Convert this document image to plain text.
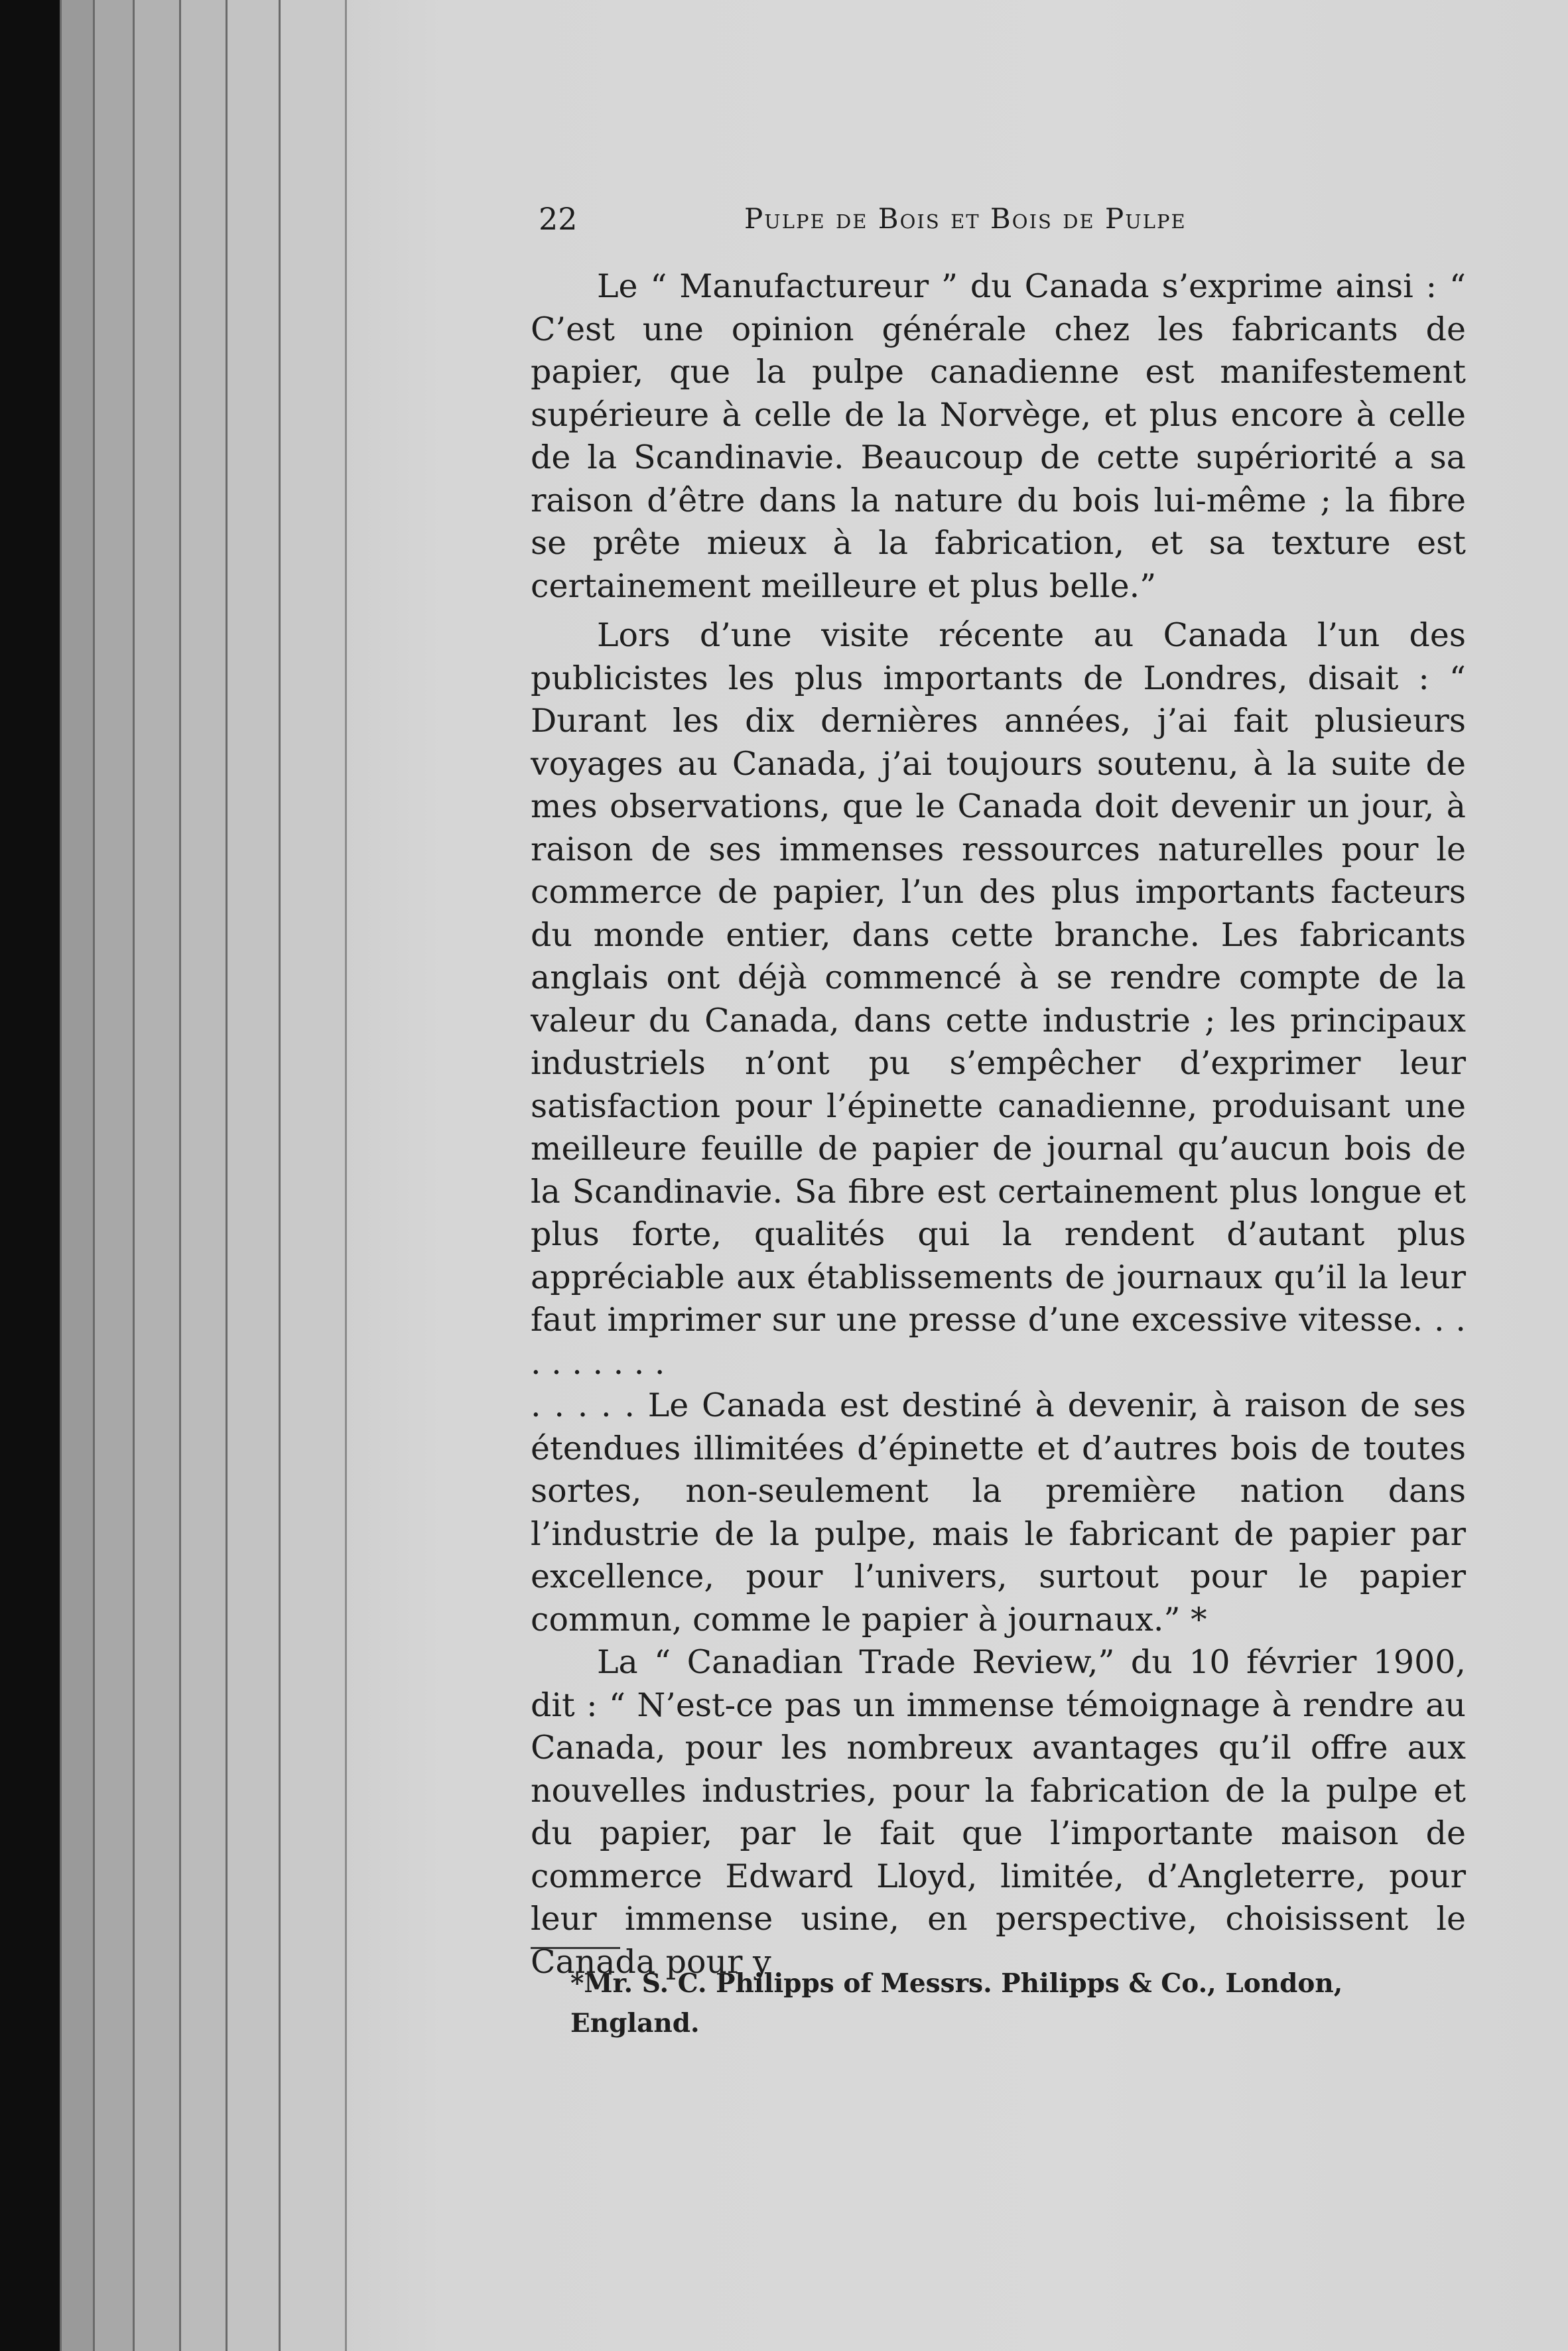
22	Pulpe de Bois et Bois de Pulpe

Le “ Manufactureur ” du Canada s’exprime ainsi : “ C’est une opinion générale chez les fabricants de papier, que la pulpe canadienne est manifestement supérieure à celle de la Norvège, et plus encore à celle de la Scandinavie. Beaucoup de cette supériorité a sa raison d’être dans la nature du bois lui-même ; la fibre se prête mieux à la fabrication, et sa texture est certainement meilleure et plus belle.”

Lors d’une visite récente au Canada l’un des publicistes les plus importants de Londres, disait : “ Durant les dix dernières années, j’ai fait plusieurs voyages au Canada, j’ai toujours soutenu, à la suite de mes observations, que le Canada doit devenir un jour, à raison de ses immenses ressources naturelles pour le commerce de papier, l’un des plus importants facteurs du monde entier, dans cette branche. Les fabricants anglais ont déjà commencé à se rendre compte de la valeur du Canada, dans cette industrie ; les principaux industriels n’ont pu s’empêcher d’exprimer leur satisfaction pour l’épinette canadienne, produisant une meilleure feuille de papier de journal qu’aucun bois de la Scandinavie. Sa fibre est certainement plus longue et plus forte, qualités qui la rendent d’autant plus appréciable aux établissements de journaux qu’il la leur faut imprimer sur une presse d’une excessive vitesse. . . . . . . . . .

. . . . . Le Canada est destiné à devenir, à raison de ses étendues illimitées d’épinette et d’autres bois de toutes sortes, non-seulement la première nation dans l’industrie de la pulpe, mais le fabricant de papier par excellence, pour l’univers, surtout pour le papier commun, comme le papier à journaux.” *

La “ Canadian Trade Review,” du 10 février 1900, dit : “ N’est-ce pas un immense témoignage à rendre au Canada, pour les nombreux avantages qu’il offre aux nouvelles industries, pour la fabrication de la pulpe et du papier, par le fait que l’importante maison de commerce Edward Lloyd, limitée, d’Angleterre, pour leur immense usine, en perspective, choisissent le Canada pour y

*Mr. S. C. Philipps of Messrs. Philipps & Co., London, England.
